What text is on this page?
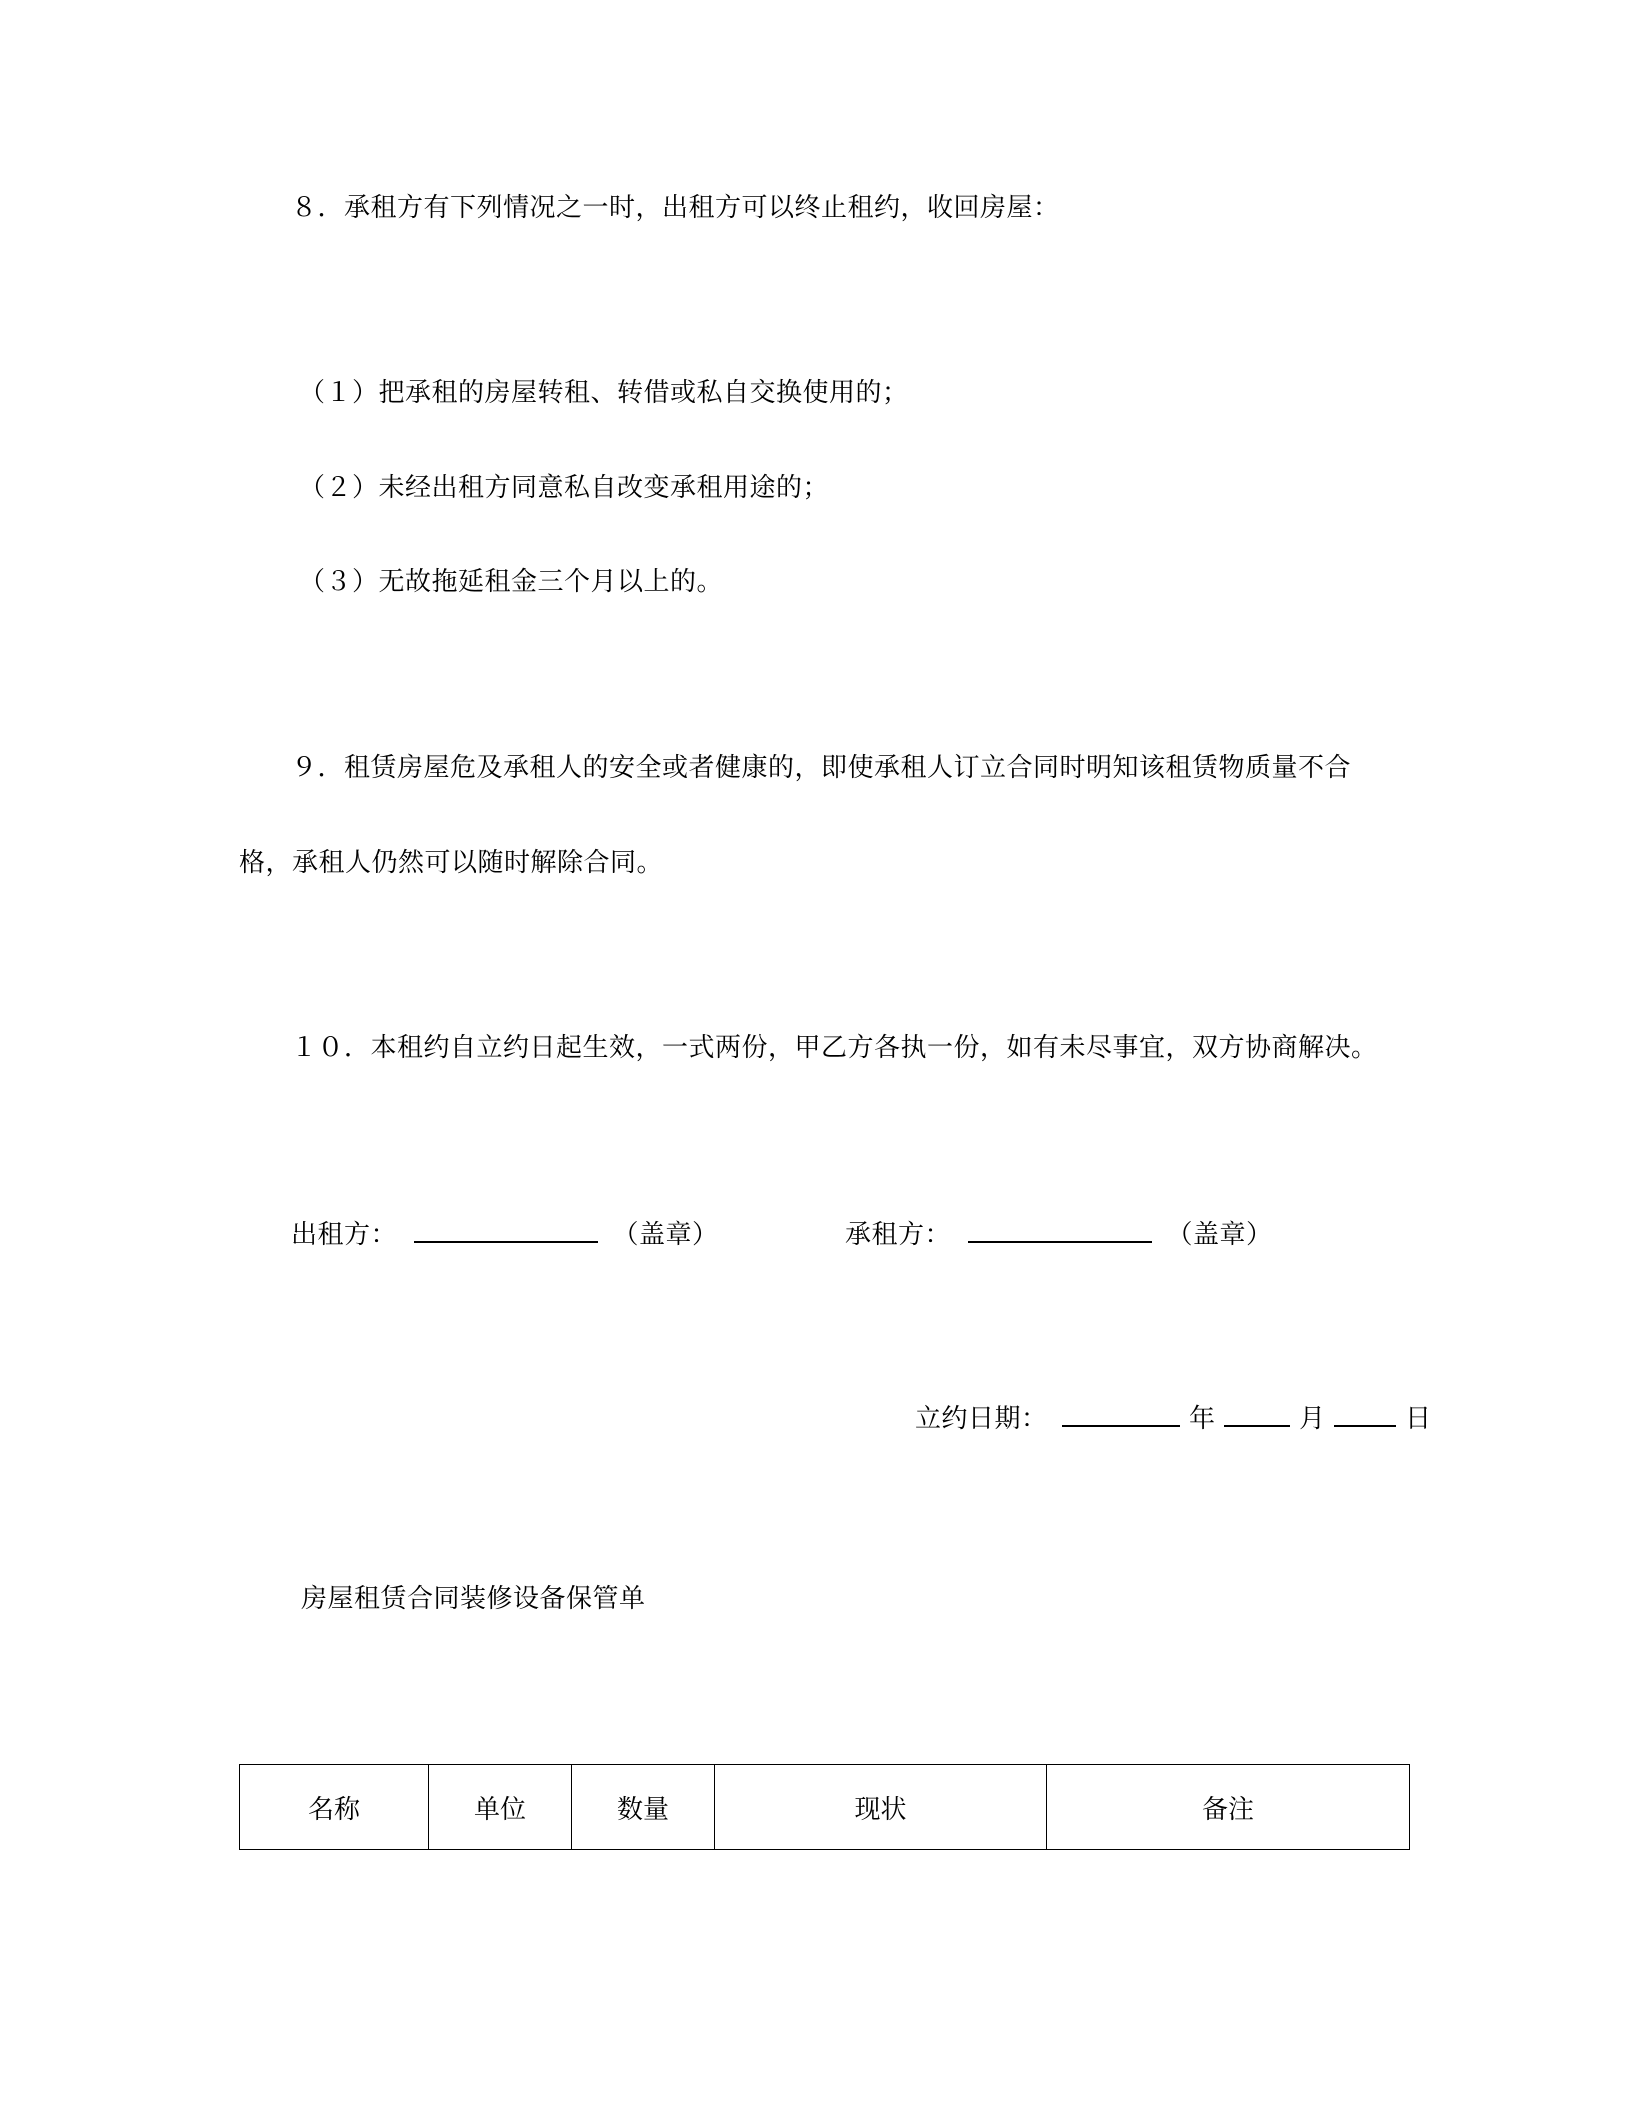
８．承租方有下列情况之一时，出租方可以终止租约，收回房屋：
（１）把承租的房屋转租、转借或私自交换使用的；
（２）未经出租方同意私自改变承租用途的；
（３）无故拖延租金三个月以上的。
９．租赁房屋危及承租人的安全或者健康的，即使承租人订立合同时明知该租赁物质量不合
格，承租人仍然可以随时解除合同。
１０．本租约自立约日起生效，一式两份，甲乙方各执一份，如有未尽事宜，双方协商解决。
出租方：	（盖章）	承租方：	（盖章）
立约日期：	年	月	日
房屋租赁合同装修设备保管单
名称	单位	数量	现状	备注
